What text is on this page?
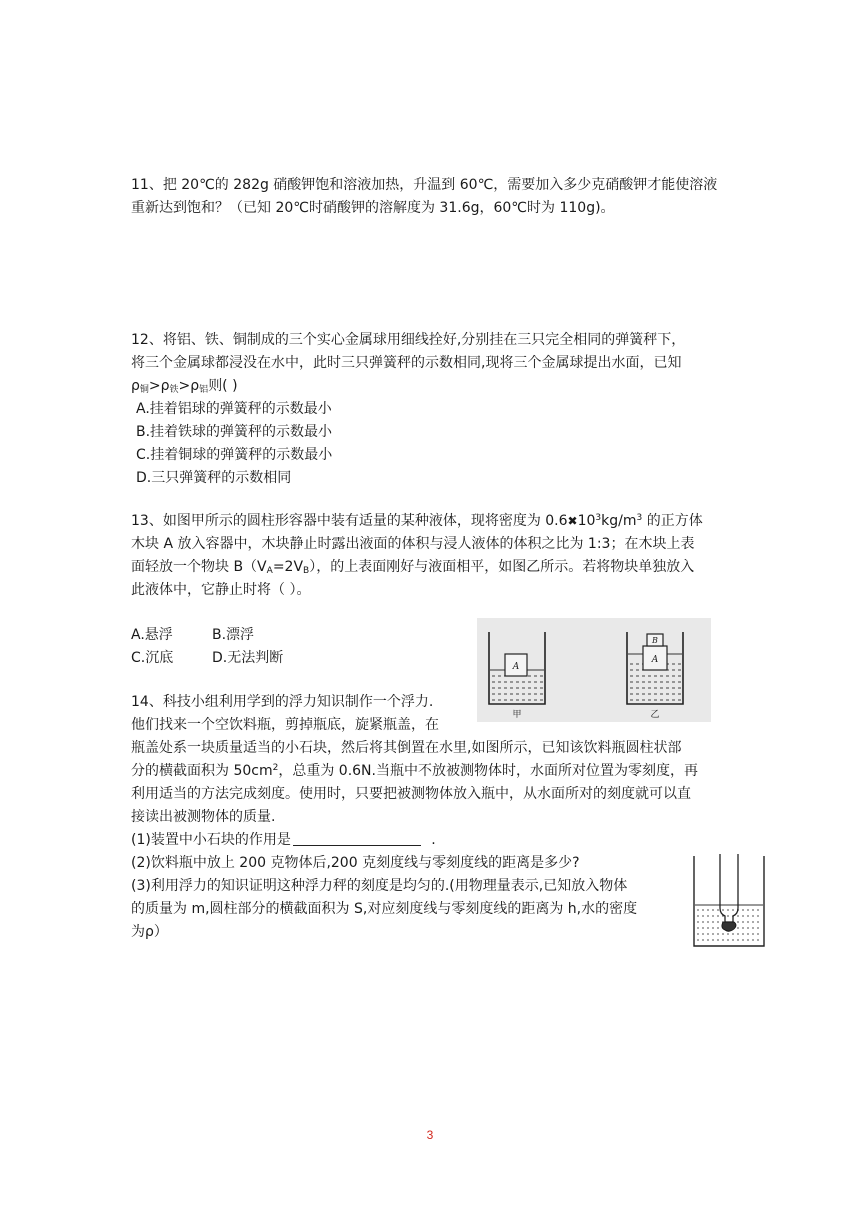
11、把 20℃的 282g 硝酸钾饱和溶液加热，升温到 60℃，需要加入多少克硝酸钾才能使溶液
重新达到饱和？（已知 20℃时硝酸钾的溶解度为 31.6g，60℃时为 110g)。
12、将铝、铁、铜制成的三个实心金属球用细线拴好,分别挂在三只完全相同的弹簧秤下，
将三个金属球都浸没在水中，此时三只弹簧秤的示数相同,现将三个金属球提出水面，已知
$\rho_铜>\rho_铁>\rho_铝$则( )
A.挂着铝球的弹簧秤的示数最小
B.挂着铁球的弹簧秤的示数最小
C.挂着铜球的弹簧秤的示数最小
D.三只弹簧秤的示数相同
13、如图甲所示的圆柱形容器中装有适量的某种液体，现将密度为 $0.6✖10^3kg/m^3$ 的正方体
木块 A 放入容器中，木块静止时露出液面的体积与浸人液体的体积之比为 1:3；在木块上表
面轻放一个物块 $B(V_A=2V_B)$，的上表面刚好与液面相平，如图乙所示。若将物块单独放入
此液体中，它静止时将（ ）。
A.悬浮	B.漂浮
C.沉底	D.无法判断
A
甲
A
B
乙
14、科技小组利用学到的浮力知识制作一个浮力.
他们找来一个空饮料瓶，剪掉瓶底，旋紧瓶盖，在
瓶盖处系一块质量适当的小石块，然后将其倒置在水里,如图所示，已知该饮料瓶圆柱状部
分的横截面积为 $50cm^2$，总重为 0.6N.当瓶中不放被测物体时，水面所对位置为零刻度，再
利用适当的方法完成刻度。使用时，只要把被测物体放入瓶中，从水面所对的刻度就可以直
接读出被测物体的质量.
(1)装置中小石块的作用是	.
(2)饮料瓶中放上 200 克物体后,200 克刻度线与零刻度线的距离是多少?
(3)利用浮力的知识证明这种浮力秤的刻度是均匀的.(用物理量表示,已知放入物体
的质量为 m,圆柱部分的横截面积为 S,对应刻度线与零刻度线的距离为 h,水的密度
为ρ）
3
